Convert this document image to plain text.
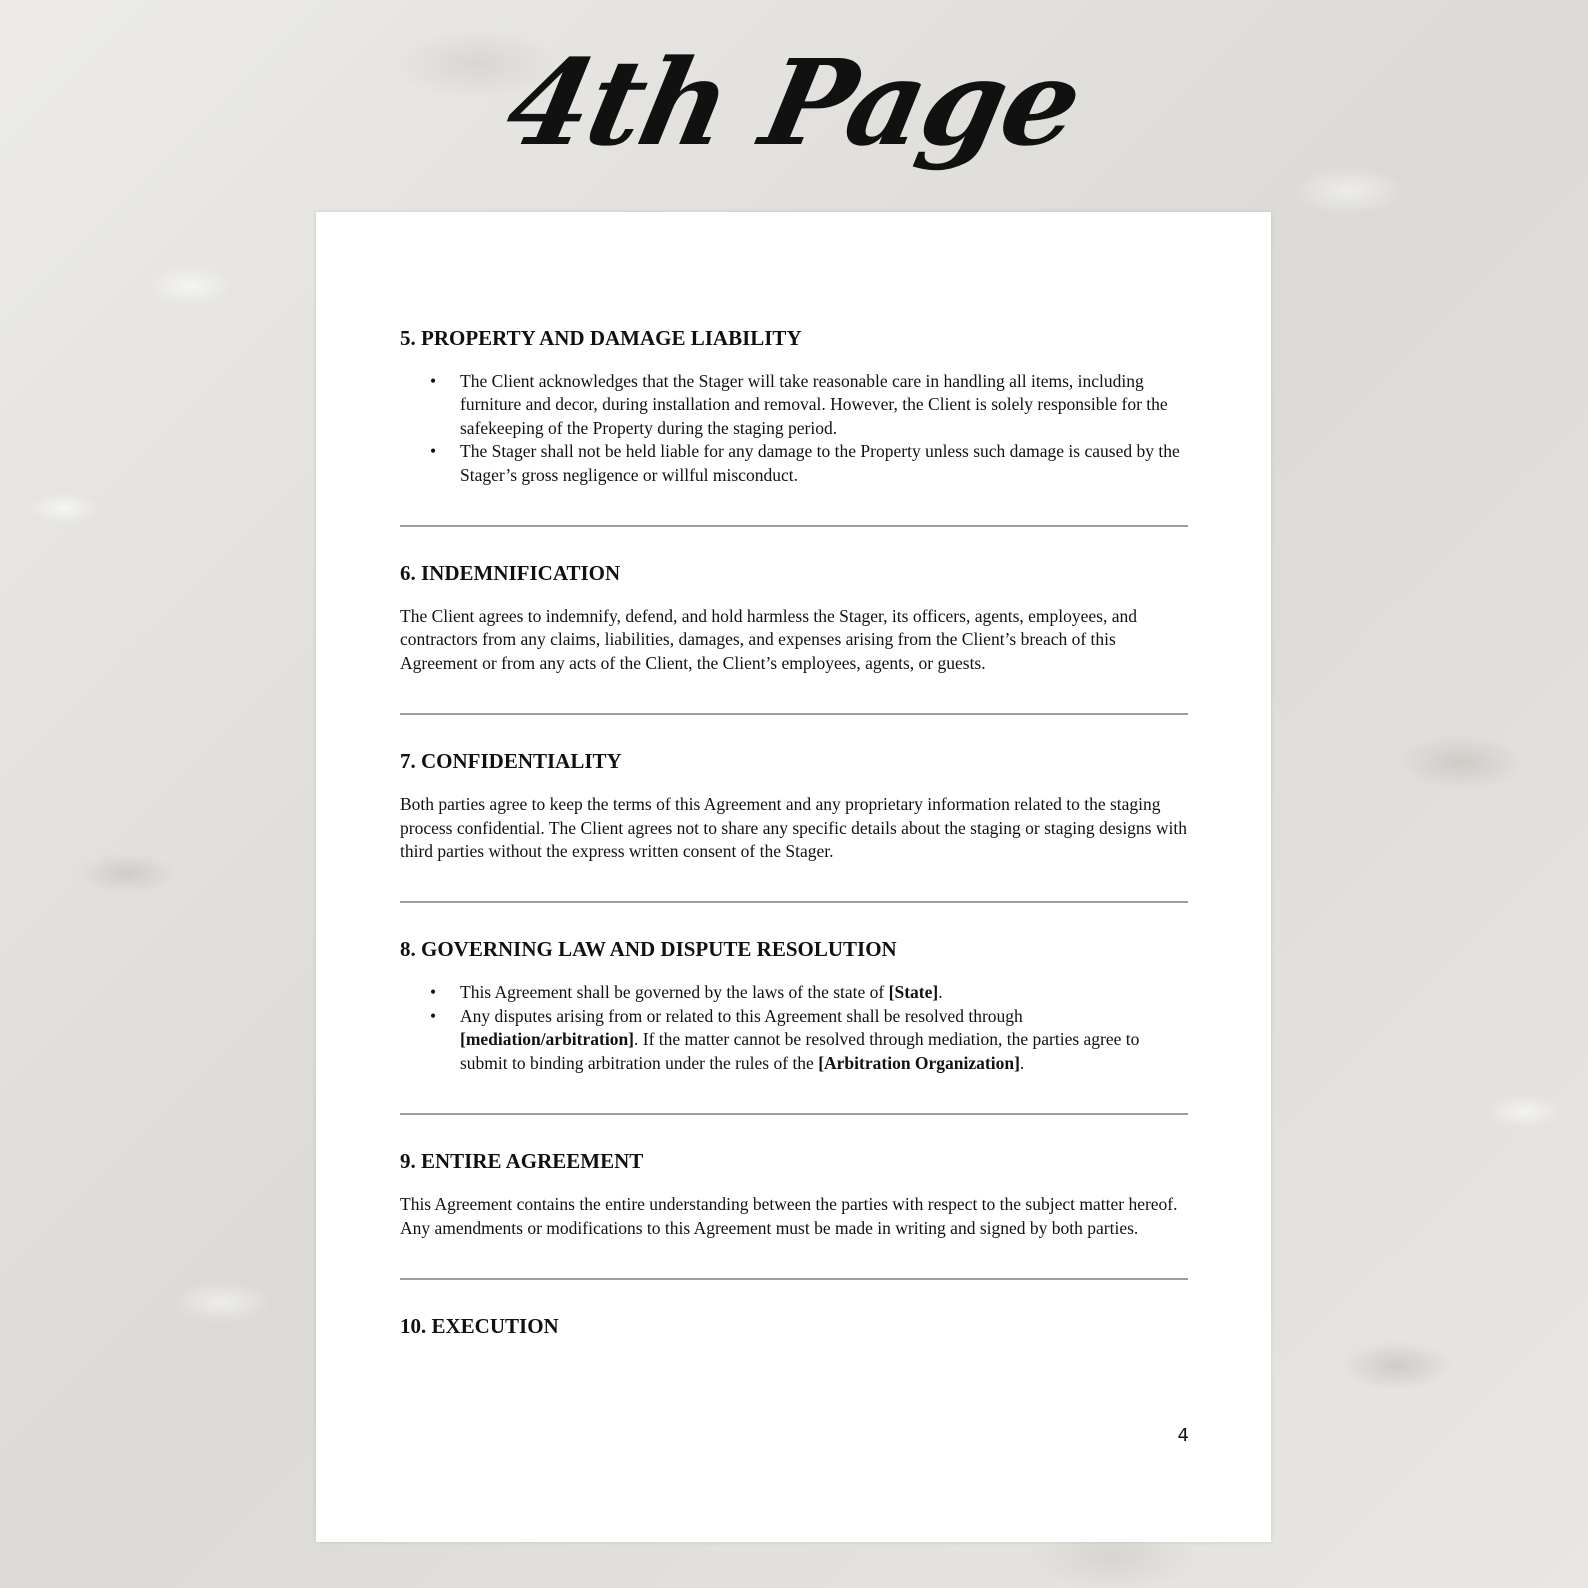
4th Page
5. PROPERTY AND DAMAGE LIABILITY
• The Client acknowledges that the Stager will take reasonable care in handling all items, including furniture and decor, during installation and removal. However, the Client is solely responsible for the safekeeping of the Property during the staging period.
• The Stager shall not be held liable for any damage to the Property unless such damage is caused by the Stager’s gross negligence or willful misconduct.
6. INDEMNIFICATION

The Client agrees to indemnify, defend, and hold harmless the Stager, its officers, agents, employees, and contractors from any claims, liabilities, damages, and expenses arising from the Client’s breach of this Agreement or from any acts of the Client, the Client’s employees, agents, or guests.

7. CONFIDENTIALITY

Both parties agree to keep the terms of this Agreement and any proprietary information related to the staging process confidential. The Client agrees not to share any specific details about the staging or staging designs with third parties without the express written consent of the Stager.

8. GOVERNING LAW AND DISPUTE RESOLUTION
• This Agreement shall be governed by the laws of the state of [State].
• Any disputes arising from or related to this Agreement shall be resolved through [mediation/arbitration]. If the matter cannot be resolved through mediation, the parties agree to submit to binding arbitration under the rules of the [Arbitration Organization].
9. ENTIRE AGREEMENT

This Agreement contains the entire understanding between the parties with respect to the subject matter hereof. Any amendments or modifications to this Agreement must be made in writing and signed by both parties.

10. EXECUTION
4
